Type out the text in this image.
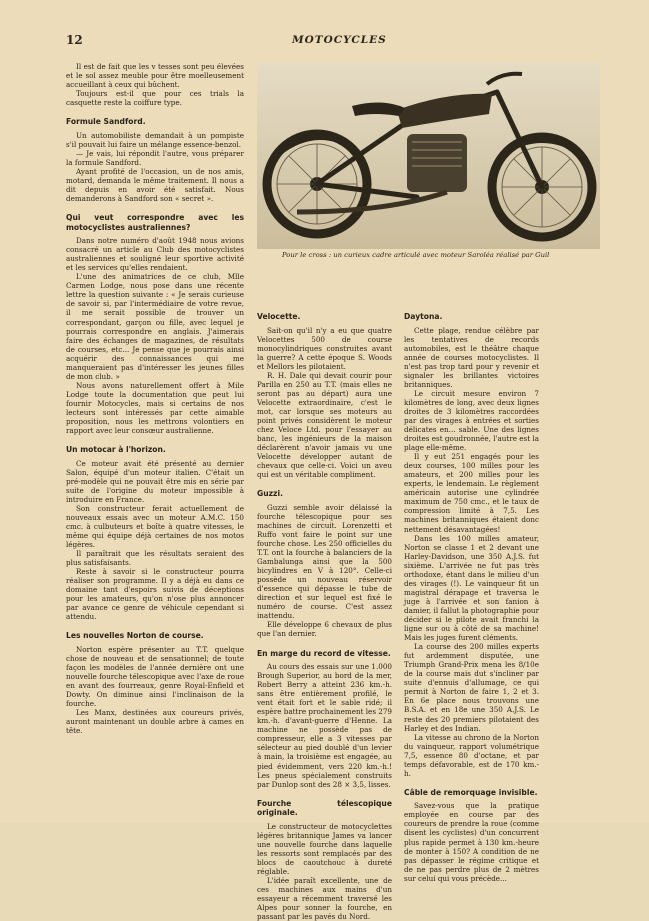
12	MOTOCYCLES

Il est de fait que les v tesses sont peu élevées et le sol assez meuble pour être moelleusement accueillant à ceux qui bûchent.

Toujours est-il que pour ces trials la casquette reste la coiffure type.

Formule Sandford.

Un automobiliste demandait à un pompiste s'il pouvait lui faire un mélange essence-benzol.

— Je vais, lui répondit l'autre, vous préparer la formule Sandford.

Ayant profité de l'occasion, un de nos amis, motard, demanda le même traitement. Il nous a dit depuis en avoir été satisfait. Nous demanderons à Sandford son « secret ».

Qui veut correspondre avec les motocyclistes australiennes?

Dans notre numéro d'août 1948 nous avions consacré un article au Club des motocyclistes australiennes et souligné leur sportive activité et les services qu'elles rendaient.

L'une des animatrices de ce club, Mlle Carmen Lodge, nous pose dans une récente lettre la question suivante : « Je serais curieuse de savoir si, par l'intermédiaire de votre revue, il me serait possible de trouver un correspondant, garçon ou fille, avec lequel je pourrais correspondre en anglais. J'aimerais faire des échanges de magazines, de résultats de courses, etc... Je pense que je pourrais ainsi acquérir des connaissances qui me manqueraient pas d'intéresser les jeunes filles de mon club. »

Nous avons naturellement offert à Mile Lodge toute la documentation que peut lui fournir Motocycles, mais si certains de nos lecteurs sont intéressés par cette aimable proposition, nous les mettrons volontiers en rapport avec leur consœur australienne.

Un motocar à l'horizon.

Ce moteur avait été présenté au dernier Salon, équipé d'un moteur italien. C'était un pré-modèle qui ne pouvait être mis en série par suite de l'origine du moteur impossible à introduire en France.

Son constructeur ferait actuellement de nouveaux essais avec un moteur A.M.C. 150 cmc. à culbuteurs et boîte à quatre vitesses, le même qui équipe déjà certaines de nos motos légères.

Il paraîtrait que les résultats seraient des plus satisfaisants.

Reste à savoir si le constructeur pourra réaliser son programme. Il y a déjà eu dans ce domaine tant d'espoirs suivis de déceptions pour les amateurs, qu'on n'ose plus annoncer par avance ce genre de véhicule cependant si attendu.

Les nouvelles Norton de course.

Norton espère présenter au T.T. quelque chose de nouveau et de sensationnel; de toute façon les modèles de l'année dernière ont une nouvelle fourche télescopique avec l'axe de roue en avant des fourreaux, genre Royal-Enfield et Dowty. On diminue ainsi l'inclinaison de la fourche.

Les Manx, destinées aux coureurs privés, auront maintenant un double arbre à cames en tête.

Pour le cross : un curieux cadre articulé avec moteur Saroléa réalisé par Guil
Velocette.

Sait-on qu'il n'y a eu que quatre Velocettes 500 de course monocylindriques construites avant la guerre? A cette époque S. Woods et Mellors les pilotaient.

R. H. Dale qui devait courir pour Parilla en 250 au T.T. (mais elles ne seront pas au départ) aura une Velocette extraordinaire, c'est le mot, car lorsque ses moteurs au point privés considèrent le moteur chez Veloce Ltd. pour l'essayer au banc, les ingénieurs de la maison déclarèrent n'avoir jamais vu une Velocette développer autant de chevaux que celle-ci. Voici un aveu qui est un véritable compliment.

Guzzi.

Guzzi semble avoir délaissé la fourche télescopique pour ses machines de circuit. Lorenzetti et Ruffo vont faire le point sur une fourche chose. Les 250 officielles du T.T. ont la fourche à balanciers de la Gambalunga ainsi que la 500 bicylindres en V à 120°. Celle-ci possède un nouveau réservoir d'essence qui dépasse le tube de direction et sur lequel est fixé le numéro de course. C'est assez inattendu.

Elle développe 6 chevaux de plus que l'an dernier.

En marge du record de vitesse.

Au cours des essais sur une 1.000 Brough Superior, au bord de la mer, Robert Berry a atteint 236 km.-h. sans être entièrement profilé, le vent était fort et le sable ridé; il espère battre prochainement les 279 km.-h. d'avant-guerre d'Henne. La machine ne possède pas de compresseur, elle a 3 vitesses par sélecteur au pied doublé d'un levier à main, la troisième est engagée, au pied évidemment, vers 220 km.-h.! Les pneus spécialement construits par Dunlop sont des 28 × 3,5, lisses.

Fourche télescopique originale.

Le constructeur de motocyclettes légères britannique James va lancer une nouvelle fourche dans laquelle les ressorts sont remplacés par des blocs de caoutchouc à dureté réglable.

L'idée paraît excellente, une de ces machines aux mains d'un essayeur a récemment traversé les Alpes pour sonner la fourche, en passant par les pavés du Nord.

Daytona.

Cette plage, rendue célèbre par les tentatives de records automobiles, est le théâtre chaque année de courses motocyclistes. Il n'est pas trop tard pour y revenir et signaler les brillantes victoires britanniques.

Le circuit mesure environ 7 kilomètres de long, avec deux lignes droites de 3 kilomètres raccordées par des virages à entrées et sorties délicates en... sable. Une des lignes droites est goudronnée, l'autre est la plage elle-même.

Il y eut 251 engagés pour les deux courses, 100 milles pour les amateurs, et 200 milles pour les experts, le lendemain. Le règlement américain autorise une cylindrée maximum de 750 cmc., et le taux de compression limité à 7,5. Les machines britanniques étaient donc nettement désavantagées!

Dans les 100 milles amateur, Norton se classe 1 et 2 devant une Harley-Davidson, une 350 A.J.S. fut sixième. L'arrivée ne fut pas très orthodoxe, étant dans le milieu d'un des virages (!). Le vainqueur fit un magistral dérapage et traversa le juge à l'arrivée et son fanion à damier, il fallut la photographie pour décider si le pilote avait franchi la ligne sur ou à côté de sa machine! Mais les juges furent cléments.

La course des 200 milles experts fut ardemment disputée, une Triumph Grand-Prix mena les 8/10e de la course mais dut s'incliner par suite d'ennuis d'allumage, ce qui permit à Norton de faire 1, 2 et 3. En 6e place nous trouvons une B.S.A. et en 18e une 350 A.J.S. Le reste des 20 premiers pilotaient des Harley et des Indian.

La vitesse au chrono de la Norton du vainqueur, rapport volumétrique 7,5, essence 80 d'octane, et par temps défavorable, est de 170 km.-h.

Câble de remorquage invisible.

Savez-vous que la pratique employée en course par des coureurs de prendre la roue (comme disent les cyclistes) d'un concurrent plus rapide permet à 130 km.-heure de monter à 150? A condition de ne pas dépasser le régime critique et de ne pas perdre plus de 2 mètres sur celui qui vous précède...
